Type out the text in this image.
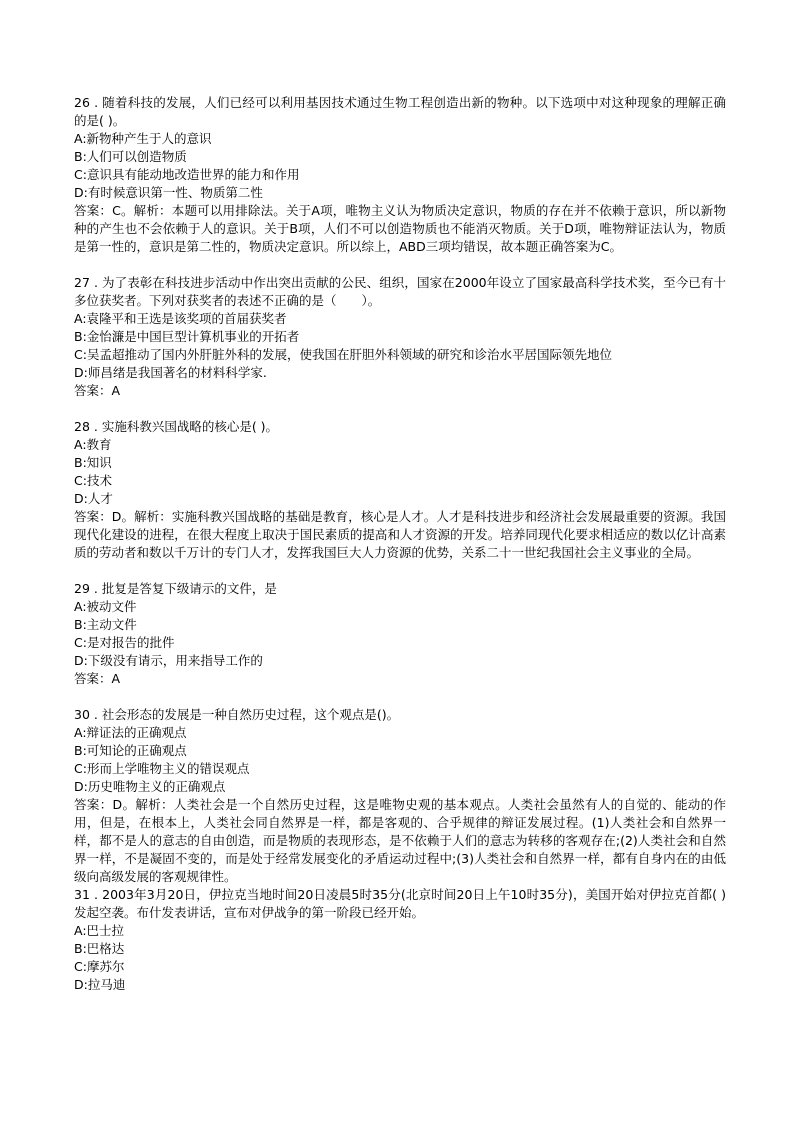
26 . 随着科技的发展，人们已经可以利用基因技术通过生物工程创造出新的物种。以下选项中对这种现象的理解正确的是( )。
A:新物种产生于人的意识
B:人们可以创造物质
C:意识具有能动地改造世界的能力和作用
D:有时候意识第一性、物质第二性
答案：C。解析：本题可以用排除法。关于A项，唯物主义认为物质决定意识，物质的存在并不依赖于意识，所以新物种的产生也不会依赖于人的意识。关于B项，人们不可以创造物质也不能消灭物质。关于D项，唯物辩证法认为，物质是第一性的，意识是第二性的，物质决定意识。所以综上，ABD三项均错误，故本题正确答案为C。
27 . 为了表彰在科技进步活动中作出突出贡献的公民、组织，国家在2000年设立了国家最高科学技术奖，至今已有十多位获奖者。下列对获奖者的表述不正确的是（　　）。
A:袁隆平和王选是该奖项的首届获奖者
B:金怡濂是中国巨型计算机事业的开拓者
C:吴孟超推动了国内外肝脏外科的发展，使我国在肝胆外科领域的研究和诊治水平居国际领先地位
D:师昌绪是我国著名的材料科学家.
答案：A
28 . 实施科教兴国战略的核心是( )。
A:教育
B:知识
C:技术
D:人才
答案：D。解析：实施科教兴国战略的基础是教育，核心是人才。人才是科技进步和经济社会发展最重要的资源。我国现代化建设的进程，在很大程度上取决于国民素质的提高和人才资源的开发。培养同现代化要求相适应的数以亿计高素质的劳动者和数以千万计的专门人才，发挥我国巨大人力资源的优势，关系二十一世纪我国社会主义事业的全局。
29 . 批复是答复下级请示的文件，是
A:被动文件
B:主动文件
C:是对报告的批件
D:下级没有请示，用来指导工作的
答案：A
30 . 社会形态的发展是一种自然历史过程，这个观点是()。
A:辩证法的正确观点
B:可知论的正确观点
C:形而上学唯物主义的错误观点
D:历史唯物主义的正确观点
答案：D。解析：人类社会是一个自然历史过程，这是唯物史观的基本观点。人类社会虽然有人的自觉的、能动的作用，但是，在根本上，人类社会同自然界是一样，都是客观的、合乎规律的辩证发展过程。(1)人类社会和自然界一样，都不是人的意志的自由创造，而是物质的表现形态，是不依赖于人们的意志为转移的客观存在;(2)人类社会和自然界一样，不是凝固不变的，而是处于经常发展变化的矛盾运动过程中;(3)人类社会和自然界一样，都有自身内在的由低级向高级发展的客观规律性。
31 . 2003年3月20日，伊拉克当地时间20日凌晨5时35分(北京时间20日上午10时35分)，美国开始对伊拉克首都( )发起空袭。布什发表讲话，宣布对伊战争的第一阶段已经开始。
A:巴士拉
B:巴格达
C:摩苏尔
D:拉马迪
